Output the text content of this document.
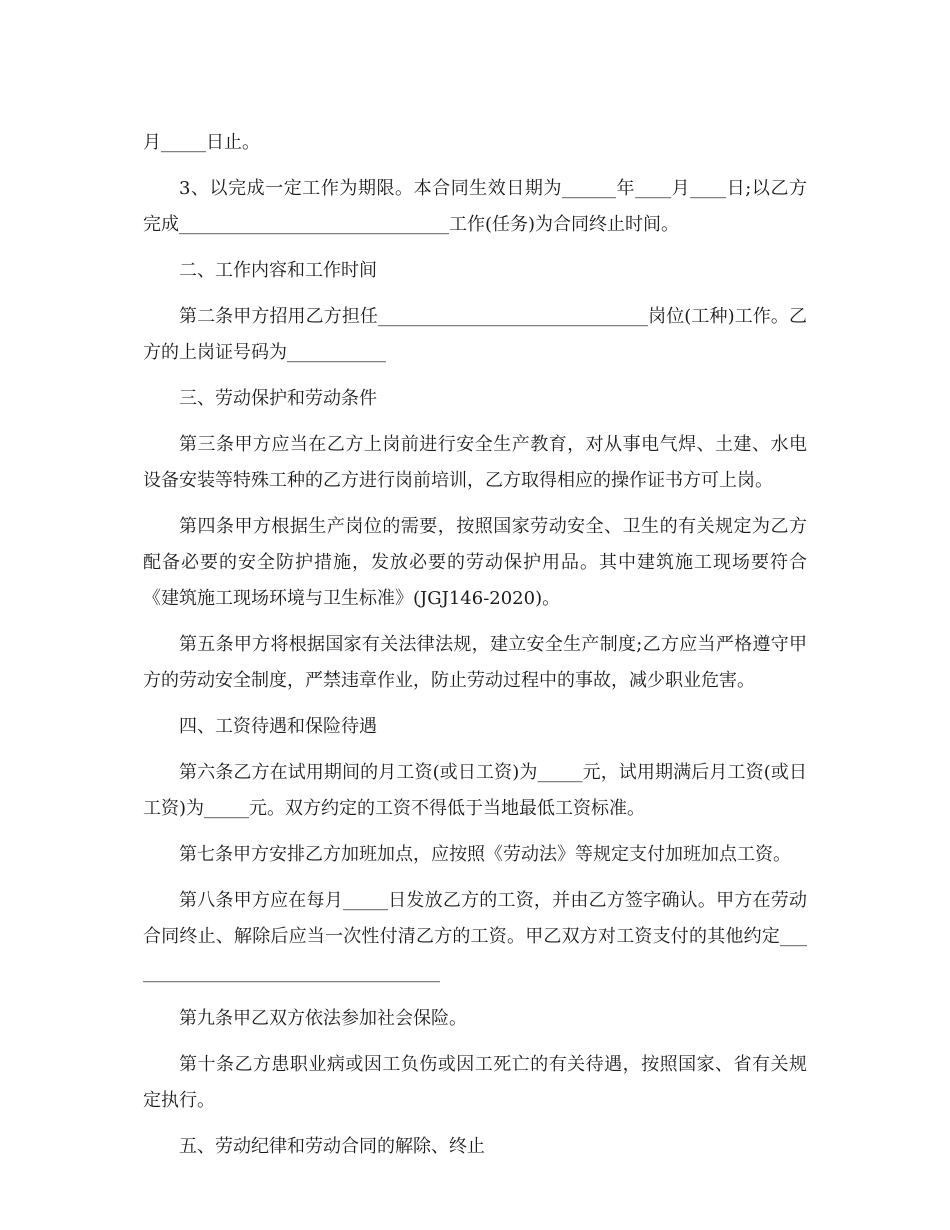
月_____日止。

3、以完成一定工作为期限。本合同生效日期为______年____月____日;以乙方完成______________________________工作(任务)为合同终止时间。

二、工作内容和工作时间

第二条甲方招用乙方担任______________________________岗位(工种)工作。乙方的上岗证号码为___________

三、劳动保护和劳动条件

第三条甲方应当在乙方上岗前进行安全生产教育，对从事电气焊、土建、水电设备安装等特殊工种的乙方进行岗前培训，乙方取得相应的操作证书方可上岗。

第四条甲方根据生产岗位的需要，按照国家劳动安全、卫生的有关规定为乙方配备必要的安全防护措施，发放必要的劳动保护用品。其中建筑施工现场要符合《建筑施工现场环境与卫生标准》(JGJ146-2020)。

第五条甲方将根据国家有关法律法规，建立安全生产制度;乙方应当严格遵守甲方的劳动安全制度，严禁违章作业，防止劳动过程中的事故，减少职业危害。

四、工资待遇和保险待遇

第六条乙方在试用期间的月工资(或日工资)为_____元，试用期满后月工资(或日工资)为_____元。双方约定的工资不得低于当地最低工资标准。

第七条甲方安排乙方加班加点，应按照《劳动法》等规定支付加班加点工资。

第八条甲方应在每月_____日发放乙方的工资，并由乙方签字确认。甲方在劳动合同终止、解除后应当一次性付清乙方的工资。甲乙双方对工资支付的其他约定____________________________________

第九条甲乙双方依法参加社会保险。

第十条乙方患职业病或因工负伤或因工死亡的有关待遇，按照国家、省有关规定执行。

五、劳动纪律和劳动合同的解除、终止
